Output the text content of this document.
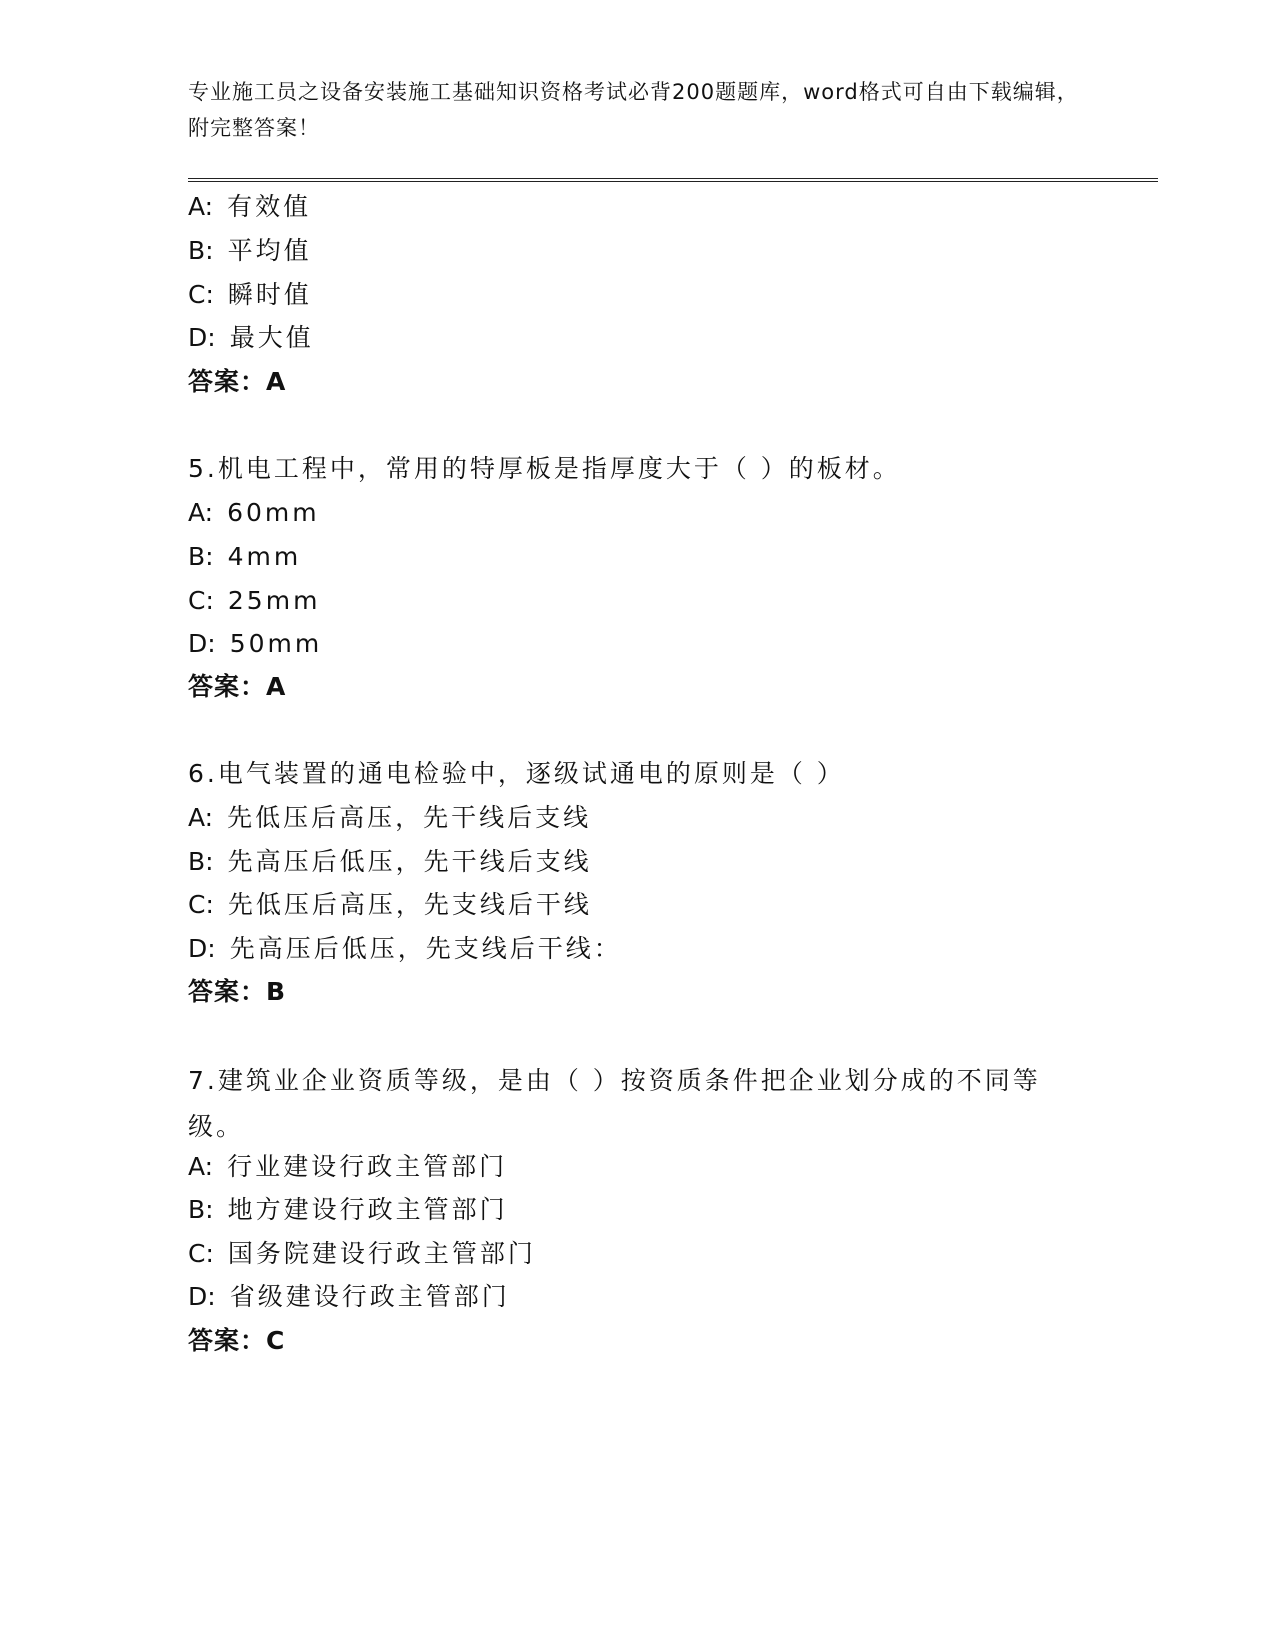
专业施工员之设备安装施工基础知识资格考试必背200题题库，word格式可自由下载编辑，附完整答案！
A: 有效值
B: 平均值
C: 瞬时值
D: 最大值
答案：A
5.机电工程中，常用的特厚板是指厚度大于（ ）的板材。
A: 60mm
B: 4mm
C: 25mm
D: 50mm
答案：A
6.电气装置的通电检验中，逐级试通电的原则是（ ）
A: 先低压后高压，先干线后支线
B: 先高压后低压，先干线后支线
C: 先低压后高压，先支线后干线
D: 先高压后低压，先支线后干线：
答案：B
7.建筑业企业资质等级，是由（ ）按资质条件把企业划分成的不同等级。
A: 行业建设行政主管部门
B: 地方建设行政主管部门
C: 国务院建设行政主管部门
D: 省级建设行政主管部门
答案：C
